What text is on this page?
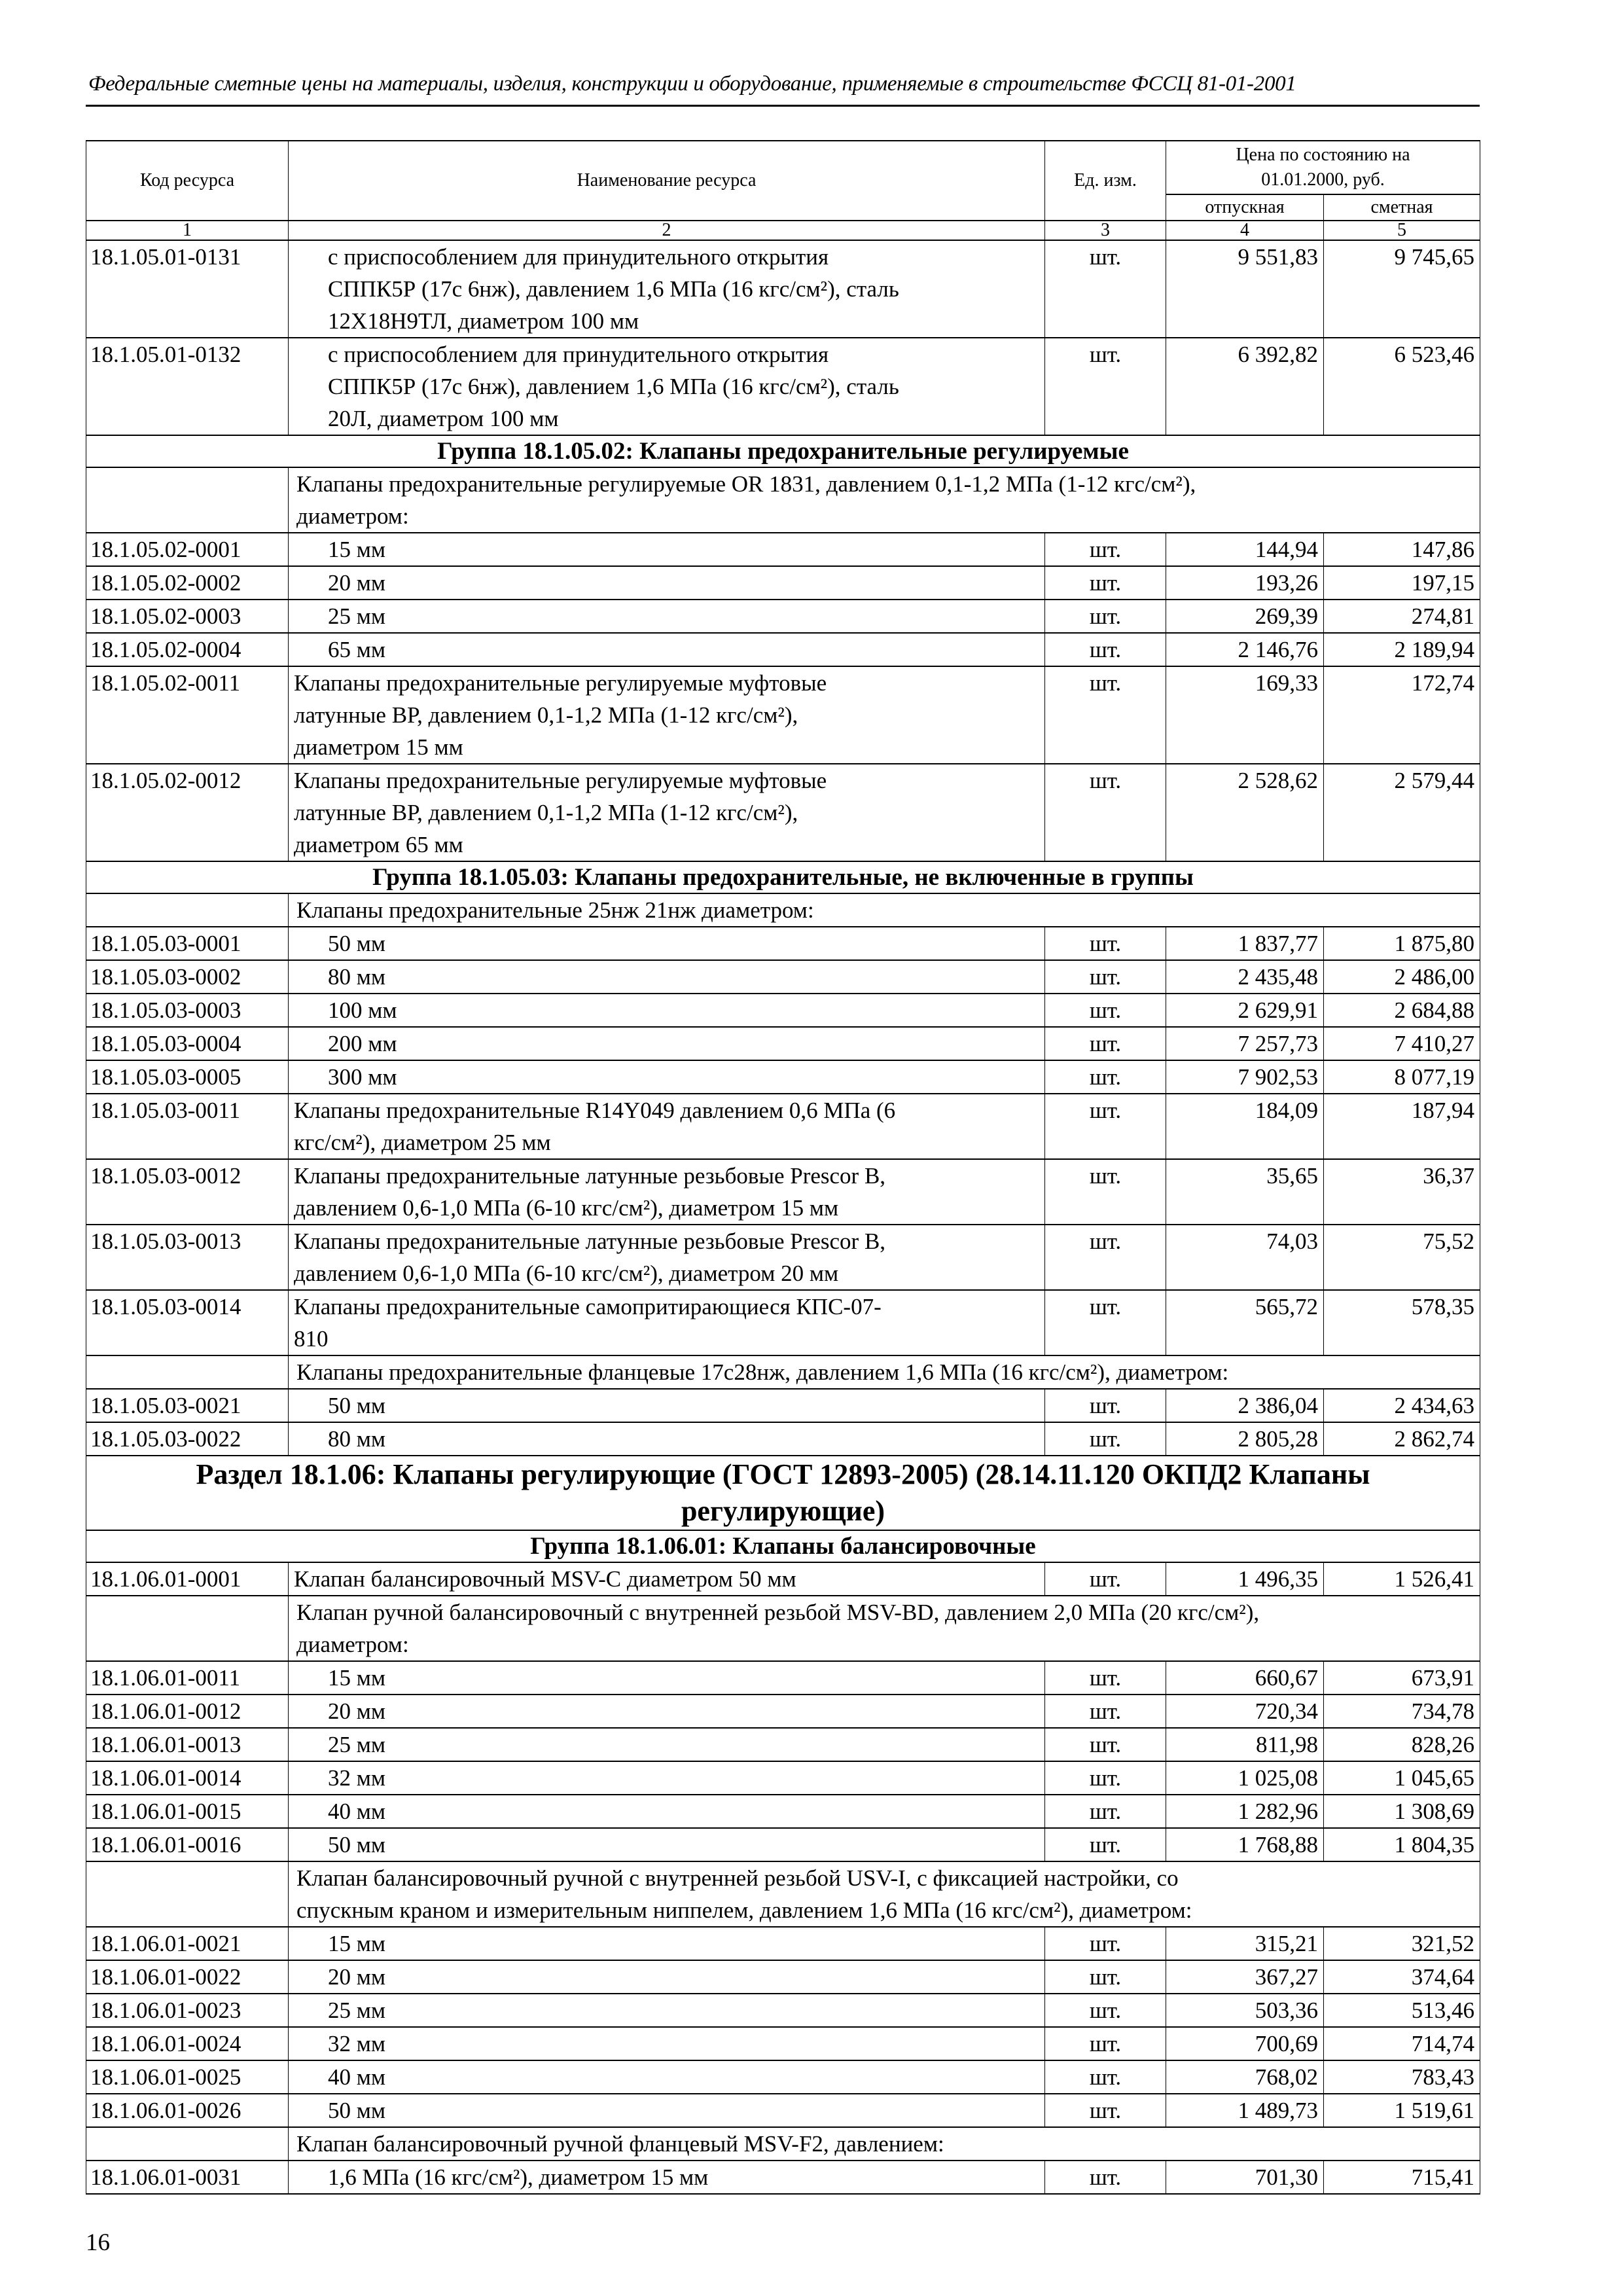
Федеральные сметные цены на материалы, изделия, конструкции и оборудование, применяемые в строительстве ФССЦ 81-01-2001
Код ресурса	Наименование ресурса	Ед. изм.	Цена по состоянию на 01.01.2000, руб.	
			отпускная	сметная
1	2	3	4	5
18.1.05.01-0131	с приспособлением для принудительного открытия
СППК5Р (17с 6нж), давлением 1,6 МПа (16 кгс/см²), сталь
12Х18Н9ТЛ, диаметром 100 мм	шт.	9 551,83	9 745,65
18.1.05.01-0132	с приспособлением для принудительного открытия
СППК5Р (17с 6нж), давлением 1,6 МПа (16 кгс/см²), сталь
20Л, диаметром 100 мм	шт.	6 392,82	6 523,46
Группа 18.1.05.02: Клапаны предохранительные регулируемые				
	Клапаны предохранительные регулируемые OR 1831, давлением 0,1-1,2 МПа (1-12 кгс/см²),
диаметром:			
18.1.05.02-0001	15 мм	шт.	144,94	147,86
18.1.05.02-0002	20 мм	шт.	193,26	197,15
18.1.05.02-0003	25 мм	шт.	269,39	274,81
18.1.05.02-0004	65 мм	шт.	2 146,76	2 189,94
18.1.05.02-0011	Клапаны предохранительные регулируемые муфтовые
латунные ВР, давлением 0,1-1,2 МПа (1-12 кгс/см²),
диаметром 15 мм	шт.	169,33	172,74
18.1.05.02-0012	Клапаны предохранительные регулируемые муфтовые
латунные ВР, давлением 0,1-1,2 МПа (1-12 кгс/см²),
диаметром 65 мм	шт.	2 528,62	2 579,44
Группа 18.1.05.03: Клапаны предохранительные, не включенные в группы				
	Клапаны предохранительные 25нж 21нж диаметром:			
18.1.05.03-0001	50 мм	шт.	1 837,77	1 875,80
18.1.05.03-0002	80 мм	шт.	2 435,48	2 486,00
18.1.05.03-0003	100 мм	шт.	2 629,91	2 684,88
18.1.05.03-0004	200 мм	шт.	7 257,73	7 410,27
18.1.05.03-0005	300 мм	шт.	7 902,53	8 077,19
18.1.05.03-0011	Клапаны предохранительные R14Y049 давлением 0,6 МПа (6
кгс/см²), диаметром 25 мм	шт.	184,09	187,94
18.1.05.03-0012	Клапаны предохранительные латунные резьбовые Prescor B,
давлением 0,6-1,0 МПа (6-10 кгс/см²), диаметром 15 мм	шт.	35,65	36,37
18.1.05.03-0013	Клапаны предохранительные латунные резьбовые Prescor B,
давлением 0,6-1,0 МПа (6-10 кгс/см²), диаметром 20 мм	шт.	74,03	75,52
18.1.05.03-0014	Клапаны предохранительные самопритирающиеся КПС-07-
810	шт.	565,72	578,35
	Клапаны предохранительные фланцевые 17с28нж, давлением 1,6 МПа (16 кгс/см²), диаметром:			
18.1.05.03-0021	50 мм	шт.	2 386,04	2 434,63
18.1.05.03-0022	80 мм	шт.	2 805,28	2 862,74
Раздел 18.1.06: Клапаны регулирующие (ГОСТ 12893-2005) (28.14.11.120 ОКПД2 Клапаны регулирующие)				
Группа 18.1.06.01: Клапаны балансировочные				
18.1.06.01-0001	Клапан балансировочный MSV-C диаметром 50 мм	шт.	1 496,35	1 526,41
	Клапан ручной балансировочный с внутренней резьбой MSV-BD, давлением 2,0 МПа (20 кгс/см²),
диаметром:			
18.1.06.01-0011	15 мм	шт.	660,67	673,91
18.1.06.01-0012	20 мм	шт.	720,34	734,78
18.1.06.01-0013	25 мм	шт.	811,98	828,26
18.1.06.01-0014	32 мм	шт.	1 025,08	1 045,65
18.1.06.01-0015	40 мм	шт.	1 282,96	1 308,69
18.1.06.01-0016	50 мм	шт.	1 768,88	1 804,35
	Клапан балансировочный ручной с внутренней резьбой USV-I, с фиксацией настройки, со
спускным краном и измерительным ниппелем, давлением 1,6 МПа (16 кгс/см²), диаметром:			
18.1.06.01-0021	15 мм	шт.	315,21	321,52
18.1.06.01-0022	20 мм	шт.	367,27	374,64
18.1.06.01-0023	25 мм	шт.	503,36	513,46
18.1.06.01-0024	32 мм	шт.	700,69	714,74
18.1.06.01-0025	40 мм	шт.	768,02	783,43
18.1.06.01-0026	50 мм	шт.	1 489,73	1 519,61
	Клапан балансировочный ручной фланцевый MSV-F2, давлением:			
18.1.06.01-0031	1,6 МПа (16 кгс/см²), диаметром 15 мм	шт.	701,30	715,41
16
